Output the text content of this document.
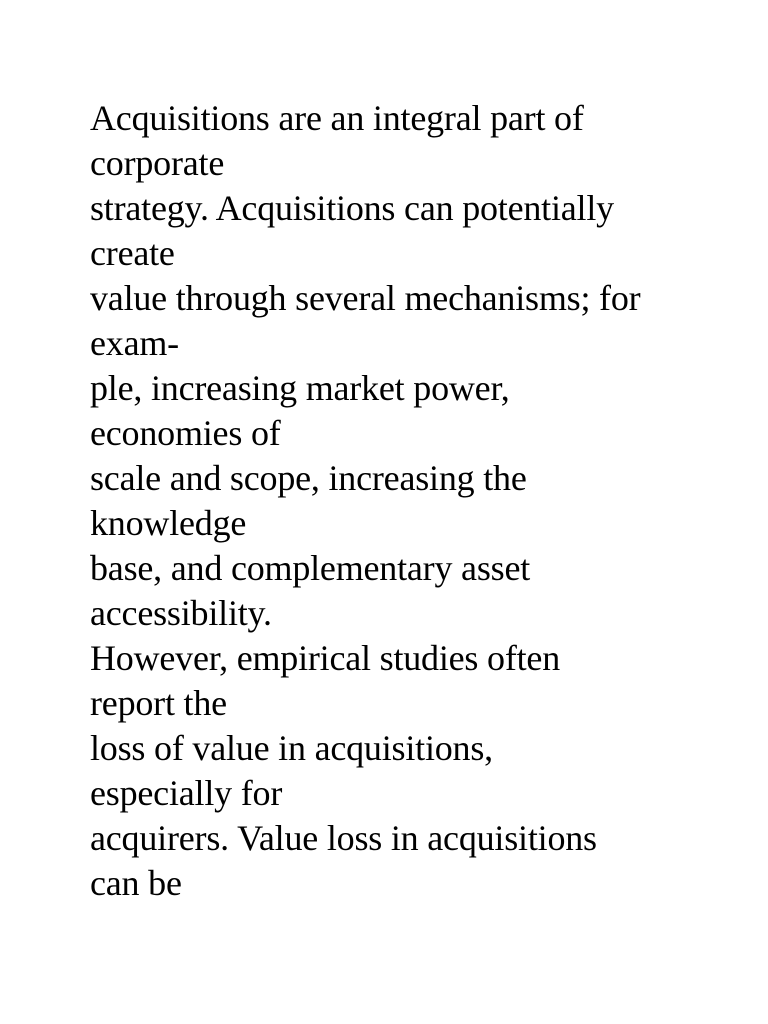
Acquisitions are an integral part of
corporate
strategy. Acquisitions can potentially
create
value through several mechanisms; for
exam-
ple, increasing market power,
economies of
scale and scope, increasing the
knowledge
base, and complementary asset
accessibility.
However, empirical studies often
report the
loss of value in acquisitions,
especially for
acquirers. Value loss in acquisitions
can be
